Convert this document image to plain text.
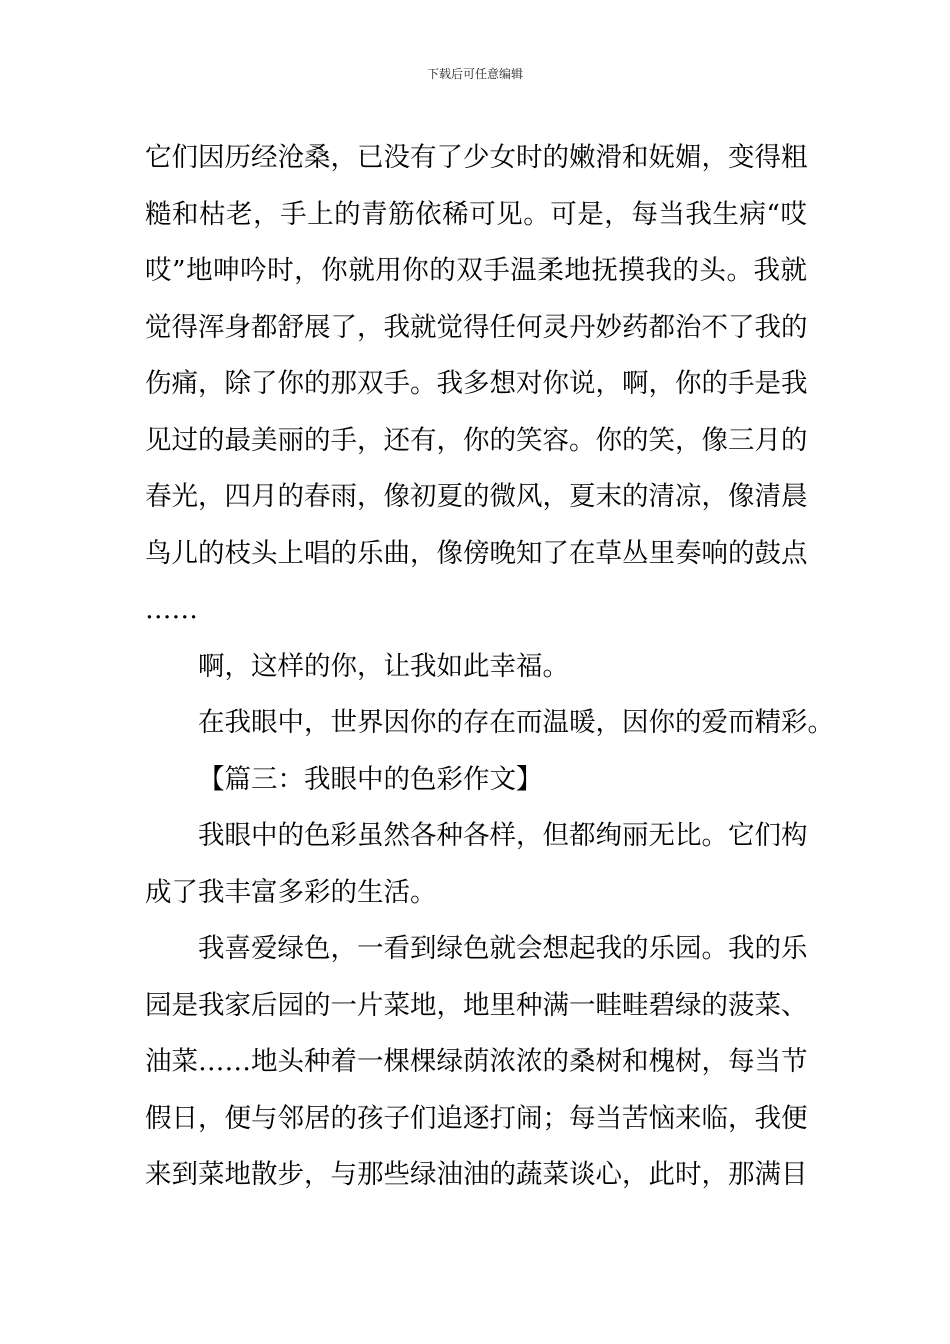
下载后可任意编辑
它们因历经沧桑，已没有了少女时的嫩滑和妩媚，变得粗
糙和枯老，手上的青筋依稀可见。可是，每当我生病“哎
哎”地呻吟时，你就用你的双手温柔地抚摸我的头。我就
觉得浑身都舒展了，我就觉得任何灵丹妙药都治不了我的
伤痛，除了你的那双手。我多想对你说，啊，你的手是我
见过的最美丽的手，还有，你的笑容。你的笑，像三月的
春光，四月的春雨，像初夏的微风，夏末的清凉，像清晨
鸟儿的枝头上唱的乐曲，像傍晚知了在草丛里奏响的鼓点
……
啊，这样的你，让我如此幸福。
在我眼中，世界因你的存在而温暖，因你的爱而精彩。
【篇三：我眼中的色彩作文】
我眼中的色彩虽然各种各样，但都绚丽无比。它们构
成了我丰富多彩的生活。
我喜爱绿色，一看到绿色就会想起我的乐园。我的乐
园是我家后园的一片菜地，地里种满一畦畦碧绿的菠菜、
油菜……地头种着一棵棵绿荫浓浓的桑树和槐树，每当节
假日，便与邻居的孩子们追逐打闹；每当苦恼来临，我便
来到菜地散步，与那些绿油油的蔬菜谈心，此时，那满目
